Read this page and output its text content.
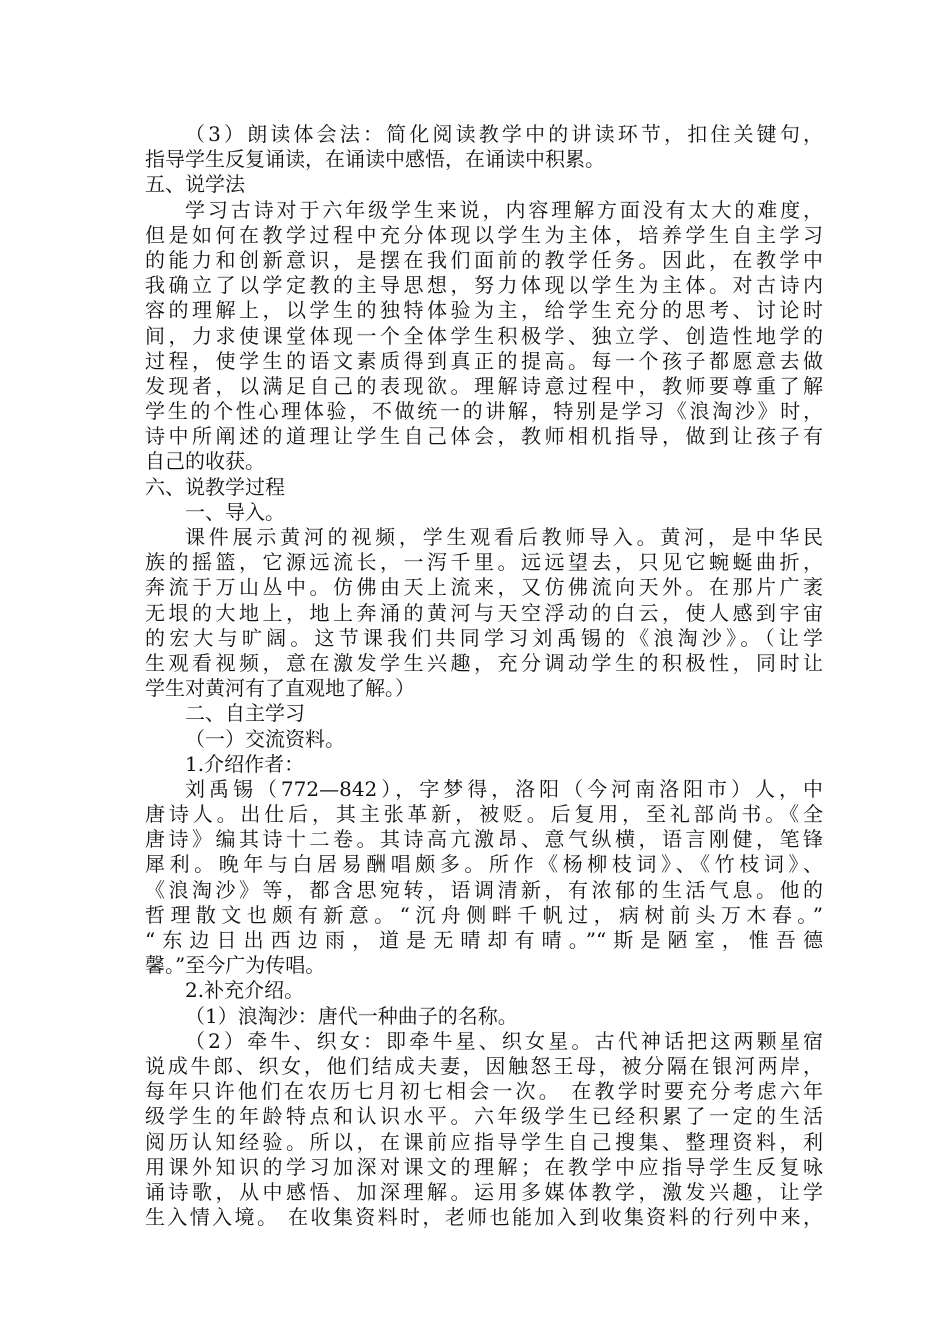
（3）朗读体会法：简化阅读教学中的讲读环节，扣住关键句，
指导学生反复诵读，在诵读中感悟，在诵读中积累。
五、说学法
学习古诗对于六年级学生来说，内容理解方面没有太大的难度，
但是如何在教学过程中充分体现以学生为主体，培养学生自主学习
的能力和创新意识，是摆在我们面前的教学任务。因此，在教学中
我确立了以学定教的主导思想，努力体现以学生为主体。对古诗内
容的理解上，以学生的独特体验为主，给学生充分的思考、讨论时
间，力求使课堂体现一个全体学生积极学、独立学、创造性地学的
过程，使学生的语文素质得到真正的提高。每一个孩子都愿意去做
发现者，以满足自己的表现欲。理解诗意过程中，教师要尊重了解
学生的个性心理体验，不做统一的讲解，特别是学习《浪淘沙》时，
诗中所阐述的道理让学生自己体会，教师相机指导，做到让孩子有
自己的收获。
六、说教学过程
一、导入。
课件展示黄河的视频，学生观看后教师导入。黄河，是中华民
族的摇篮，它源远流长，一泻千里。远远望去，只见它蜿蜒曲折，
奔流于万山丛中。仿佛由天上流来，又仿佛流向天外。在那片广袤
无垠的大地上，地上奔涌的黄河与天空浮动的白云，使人感到宇宙
的宏大与旷阔。这节课我们共同学习刘禹锡的《浪淘沙》。（让学
生观看视频，意在激发学生兴趣，充分调动学生的积极性，同时让
学生对黄河有了直观地了解。）
二、自主学习
（一）交流资料。
1.介绍作者：
刘禹锡（772—842），字梦得，洛阳（今河南洛阳市）人，中
唐诗人。出仕后，其主张革新，被贬。后复用，至礼部尚书。《全
唐诗》编其诗十二卷。其诗高亢激昂、意气纵横，语言刚健，笔锋
犀利。晚年与白居易酬唱颇多。所作《杨柳枝词》、《竹枝词》、
《浪淘沙》等，都含思宛转，语调清新，有浓郁的生活气息。他的
哲理散文也颇有新意。“沉舟侧畔千帆过，病树前头万木春。”
“东边日出西边雨，道是无晴却有晴。”“斯是陋室，惟吾德
馨。”至今广为传唱。
2.补充介绍。
（1）浪淘沙：唐代一种曲子的名称。
（2）牵牛、织女：即牵牛星、织女星。古代神话把这两颗星宿
说成牛郎、织女，他们结成夫妻，因触怒王母，被分隔在银河两岸，
每年只许他们在农历七月初七相会一次。 在教学时要充分考虑六年
级学生的年龄特点和认识水平。六年级学生已经积累了一定的生活
阅历认知经验。所以，在课前应指导学生自己搜集、整理资料，利
用课外知识的学习加深对课文的理解；在教学中应指导学生反复咏
诵诗歌，从中感悟、加深理解。运用多媒体教学，激发兴趣，让学
生入情入境。 在收集资料时，老师也能加入到收集资料的行列中来，
